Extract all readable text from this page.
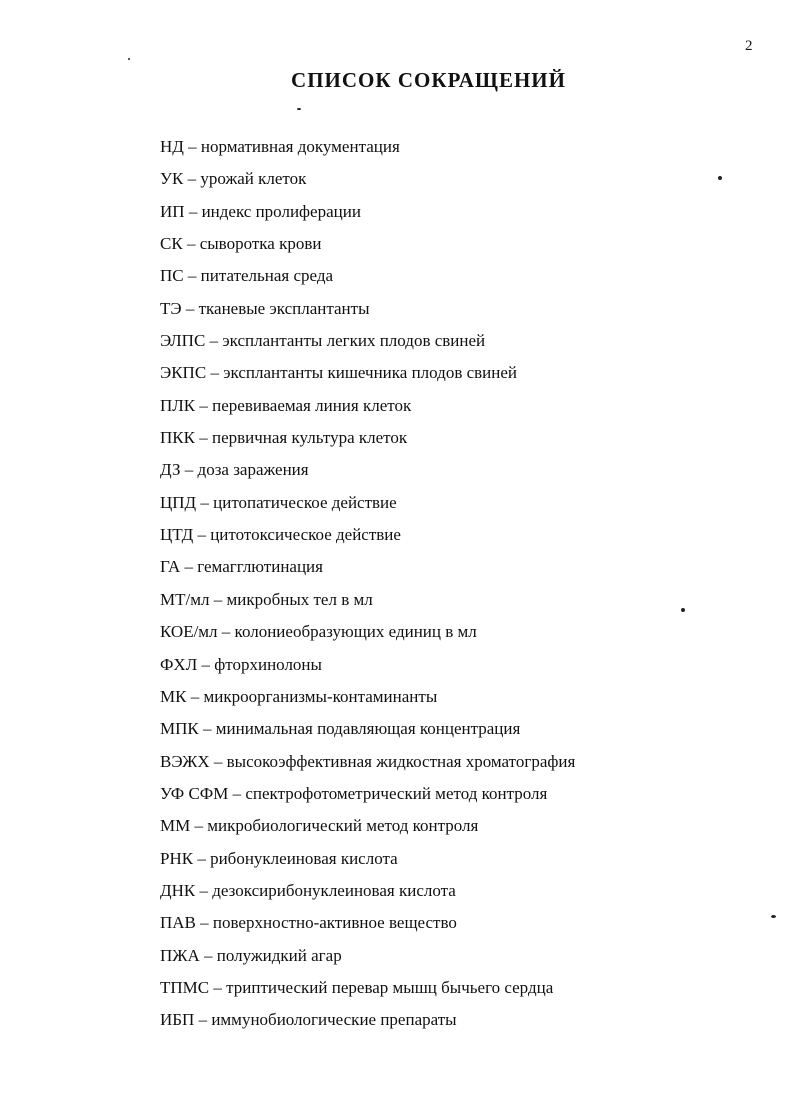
2
СПИСОК СОКРАЩЕНИЙ
НД – нормативная документация
УК – урожай клеток
ИП – индекс пролиферации
СК – сыворотка крови
ПС – питательная среда
ТЭ – тканевые эксплантанты
ЭЛПС – эксплантанты легких плодов свиней
ЭКПС – эксплантанты кишечника плодов свиней
ПЛК – перевиваемая линия клеток
ПКК – первичная культура клеток
ДЗ – доза заражения
ЦПД – цитопатическое действие
ЦТД – цитотоксическое действие
ГА – гемагглютинация
МТ/мл – микробных тел в мл
КОЕ/мл – колониеобразующих единиц в мл
ФХЛ – фторхинолоны
МК – микроорганизмы-контаминанты
МПК – минимальная подавляющая концентрация
ВЭЖХ – высокоэффективная жидкостная хроматография
УФ СФМ – спектрофотометрический метод контроля
ММ – микробиологический метод контроля
РНК – рибонуклеиновая кислота
ДНК – дезоксирибонуклеиновая кислота
ПАВ – поверхностно-активное вещество
ПЖА – полужидкий агар
ТПМС – триптический перевар мышц бычьего сердца
ИБП – иммунобиологические препараты
